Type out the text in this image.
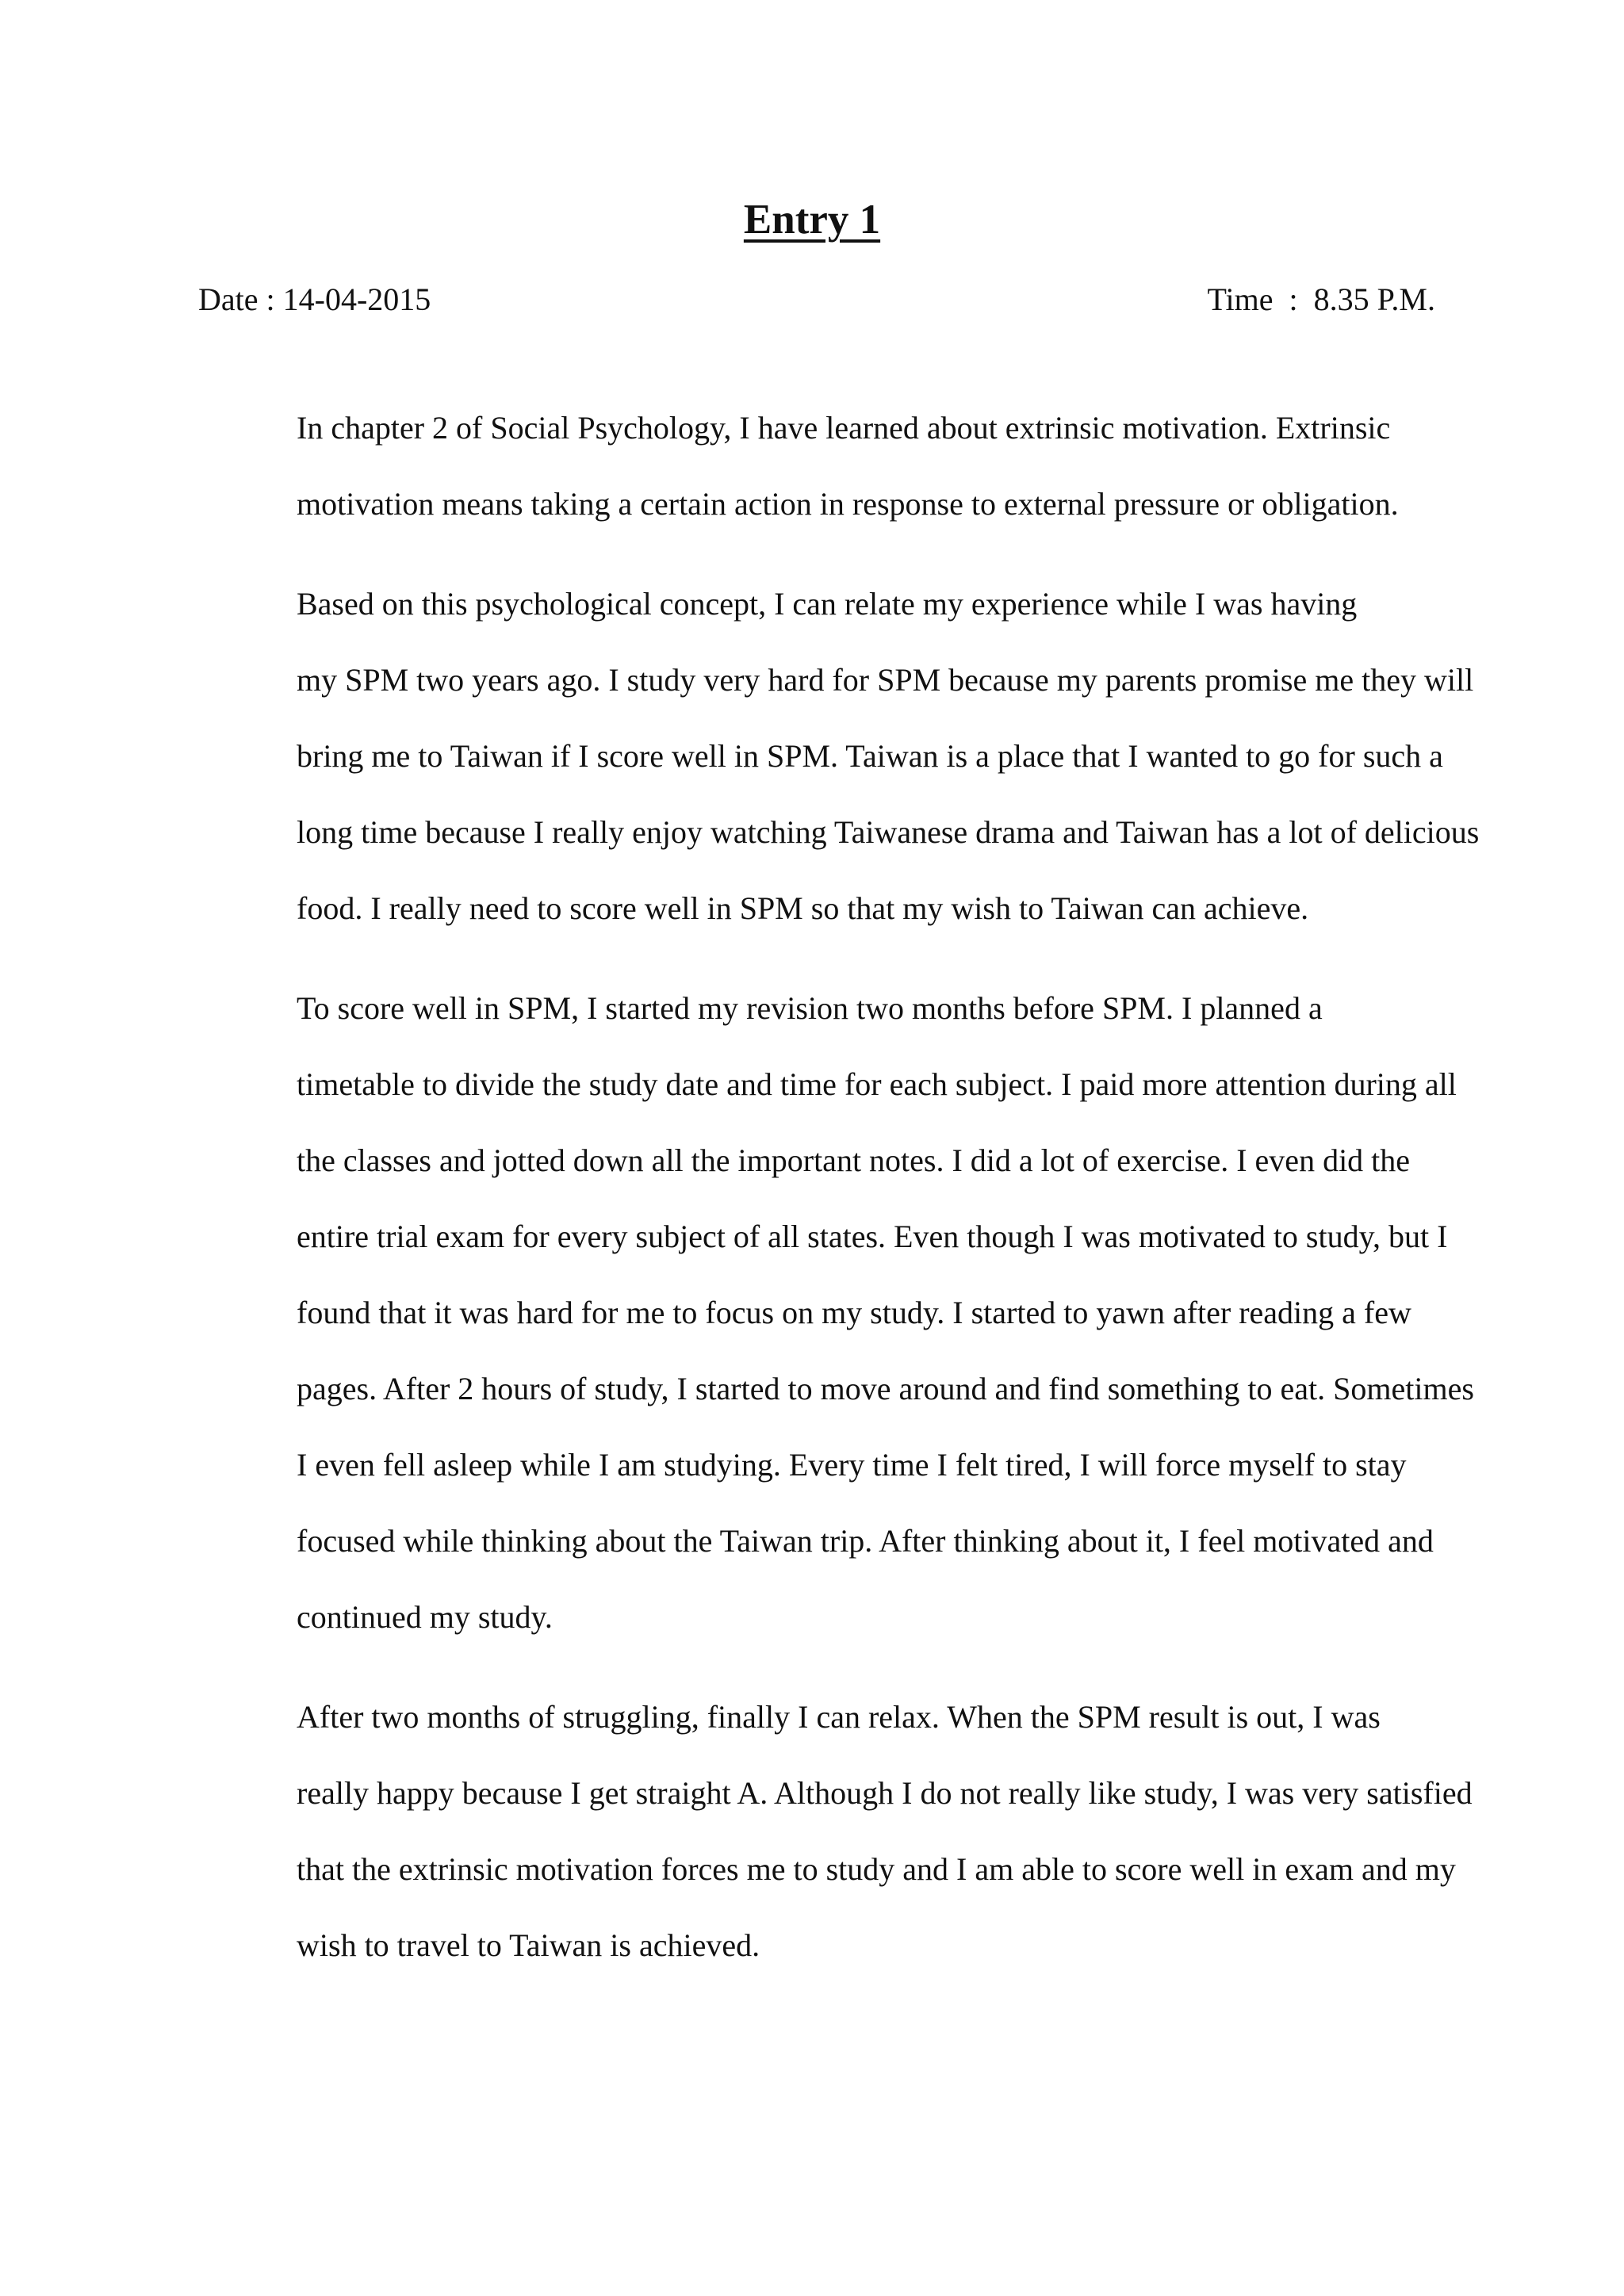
Entry 1
Date : 14-04-2015	Time  :  8.35 P.M.

In chapter 2 of Social Psychology, I have learned about extrinsic motivation. Extrinsic
motivation means taking a certain action in response to external pressure or obligation.

Based on this psychological concept, I can relate my experience while I was having
my SPM two years ago. I study very hard for SPM because my parents promise me they will
bring me to Taiwan if I score well in SPM. Taiwan is a place that I wanted to go for such a
long time because I really enjoy watching Taiwanese drama and Taiwan has a lot of delicious
food. I really need to score well in SPM so that my wish to Taiwan can achieve.

To score well in SPM, I started my revision two months before SPM. I planned a
timetable to divide the study date and time for each subject. I paid more attention during all
the classes and jotted down all the important notes. I did a lot of exercise. I even did the
entire trial exam for every subject of all states. Even though I was motivated to study, but I
found that it was hard for me to focus on my study. I started to yawn after reading a few
pages. After 2 hours of study, I started to move around and find something to eat. Sometimes
I even fell asleep while I am studying. Every time I felt tired, I will force myself to stay
focused while thinking about the Taiwan trip. After thinking about it, I feel motivated and
continued my study.

After two months of struggling, finally I can relax. When the SPM result is out, I was
really happy because I get straight A. Although I do not really like study, I was very satisfied
that the extrinsic motivation forces me to study and I am able to score well in exam and my
wish to travel to Taiwan is achieved.
